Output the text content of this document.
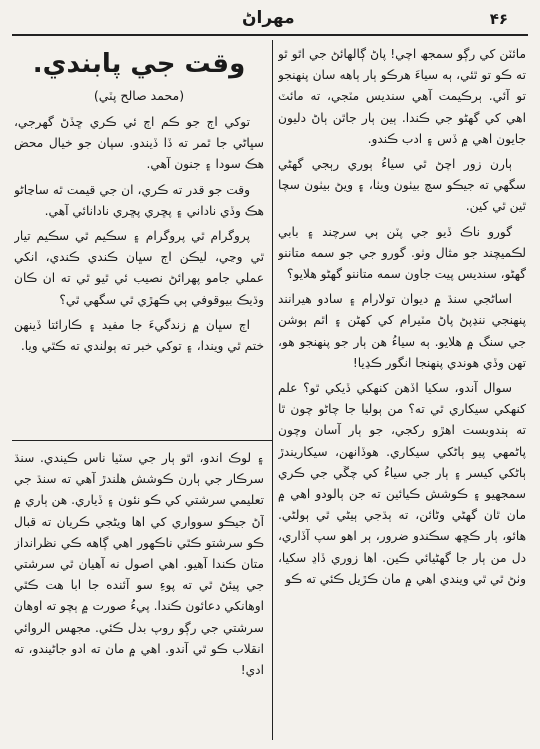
۴۶
مهراڻ

مائٽن کي رڳو سمجھ اچي! پاڻ ڳالھائڻ جي اٿو ٿو ته ڪو تو ٿئي، ٻه سياءَ هرڪو ٻار ٻاهه سان پنھنجو تو آئي. ٻرڪيمت آهي سنديس مٽجي، ته مائٽ اهي کي گهڻو جي ڪندا. ٻين ٻار جاٿن ٻاڻ دليون جايون اهي ۾ ڏس ۽ ادب ڪندو.

ٻارن زور اچڻ ٿي سياءُ ٻوري رٻجي گهڻي سگهي ته جيڪو سچ بيٺون ويٺا، ۽ ويڻ بيٺون سچا ٿين ٿي کين.

گورو ناڪ ڏيو جي پٽن ٻي سرچند ۽ بابي لڪميچند جو مثال وٺو. گورو جي جو سمه متاننو گهڻو، سنديس پيت جاون سمه متاننو گهڻو هلايو؟

اساڻجي سنڌ ۾ ديوان تولارام ۽ سادو هيرانند پنھنجي ننڍپڻ پاڻ مٽيرام کي کھڻن ۽ اٿم ٻوشن جي سنگ ۾ هلايو. ٻه سياءُ هن ٻار جو پنھنجو هو، تهن وڏي هوندي پنھنجا انگور ڪڍيا!

سوال آندو، سکيا اڏهن کنهکي ڏيکي ٿو؟ علم کنهکي سيکاري ٿي ته؟ من ٻوليا جا چاڻو چون ٿا ته ٻندوبست اهڙو رکجي، جو ٻار آسان وچون پاڻمهي پيو ٻاڻکي سيکاري. هوڏانهن، سيکاريندڙ ٻاڻکي کيسر ۽ ٻار جي سياءُ کي چڱي جي ڪري سمجھيو ۽ ڪوشش ڪيائين ته جن ٻالودو اهي ۾ مان ٿان گهڻي وڻائن، ته ٻڌجي ٻيڻي ٿي ٻولڻي. هائو، ٻار ڪڇھ سڪندو ضرور، ٻر اهو سپ آڏاري، دل من ٻار جا گهڻيائي ڪين. اها زوري ڏاڍ سکيا، وٺڻ ٿي ٿي ويندي اهي ۾ مان ڪڙيل ڪئي ته ڪو

وقت جي پابندي.
(محمد صالح پٽي)

توکي اڄ جو ڪم اڄ ئي ڪري ڇڏڻ گهرجي، سڀاڻي جا ٿمر ته ڏا ڏيندو. سپان جو خيال محض هڪ سودا ۽ جنون آهي.

وقت جو قدر ته ڪري، ان جي قيمت ٿه ساڃاڻو هڪ وڏي ناداني ۽ پڇري پڇري نادانائي آهي.

پروگرام ٿي پروگرام ۽ سڪيم ٿي سڪيم تيار ٿي وڃي، ليڪن اڄ سڀان ڪندي ڪندي، انکي عملي جامو پهرائڻ نصيب ئي ٿيو ٿي ته ان ڪان وڌيڪ بيوقوفي ٻي ڪهڙي ٿي سگهي ٿي؟

اڄ سڀان ۾ زندگيءَ جا مفيد ۽ ڪارائتا ڏينهن ختم ٿي ويندا، ۽ توکي خبر ته ٻولندي ته ڪٿي ويا.

۽ لوڪ اندو، اٿو ٻار جي سٽيا ناس ڪيندي. سنڌ سرڪار جي ٻارن ڪوشش هلندڙ آهي ته سنڌ جي تعليمي سرشتي کي ڪو نئون ۽ ڏياري. هن ٻاري ۾ آڻ جيڪو سوواري کي اها ويڻجي ڪريان ته قبال ڪو سرشتو ڪٿي ناڪهور اهي ڳاهه ڪي نظرانداز متان ڪندا آهيو. اهي اصول نه آهيان ٿي سرشتي جي پيئڻ ٿي ته پوءِ سو آئنده جا ابا هت ڪٿي اوهانکي دعائون ڪندا. پيءُ صورت ۾ ٻچو ته اوهان سرشتي جي رڳو روپ بدل ڪئي. مجھس الروائي انقلاب ڪو ٿي آندو. اهي ۾ مان ته ادو جاڻيندو، ته ادي!
